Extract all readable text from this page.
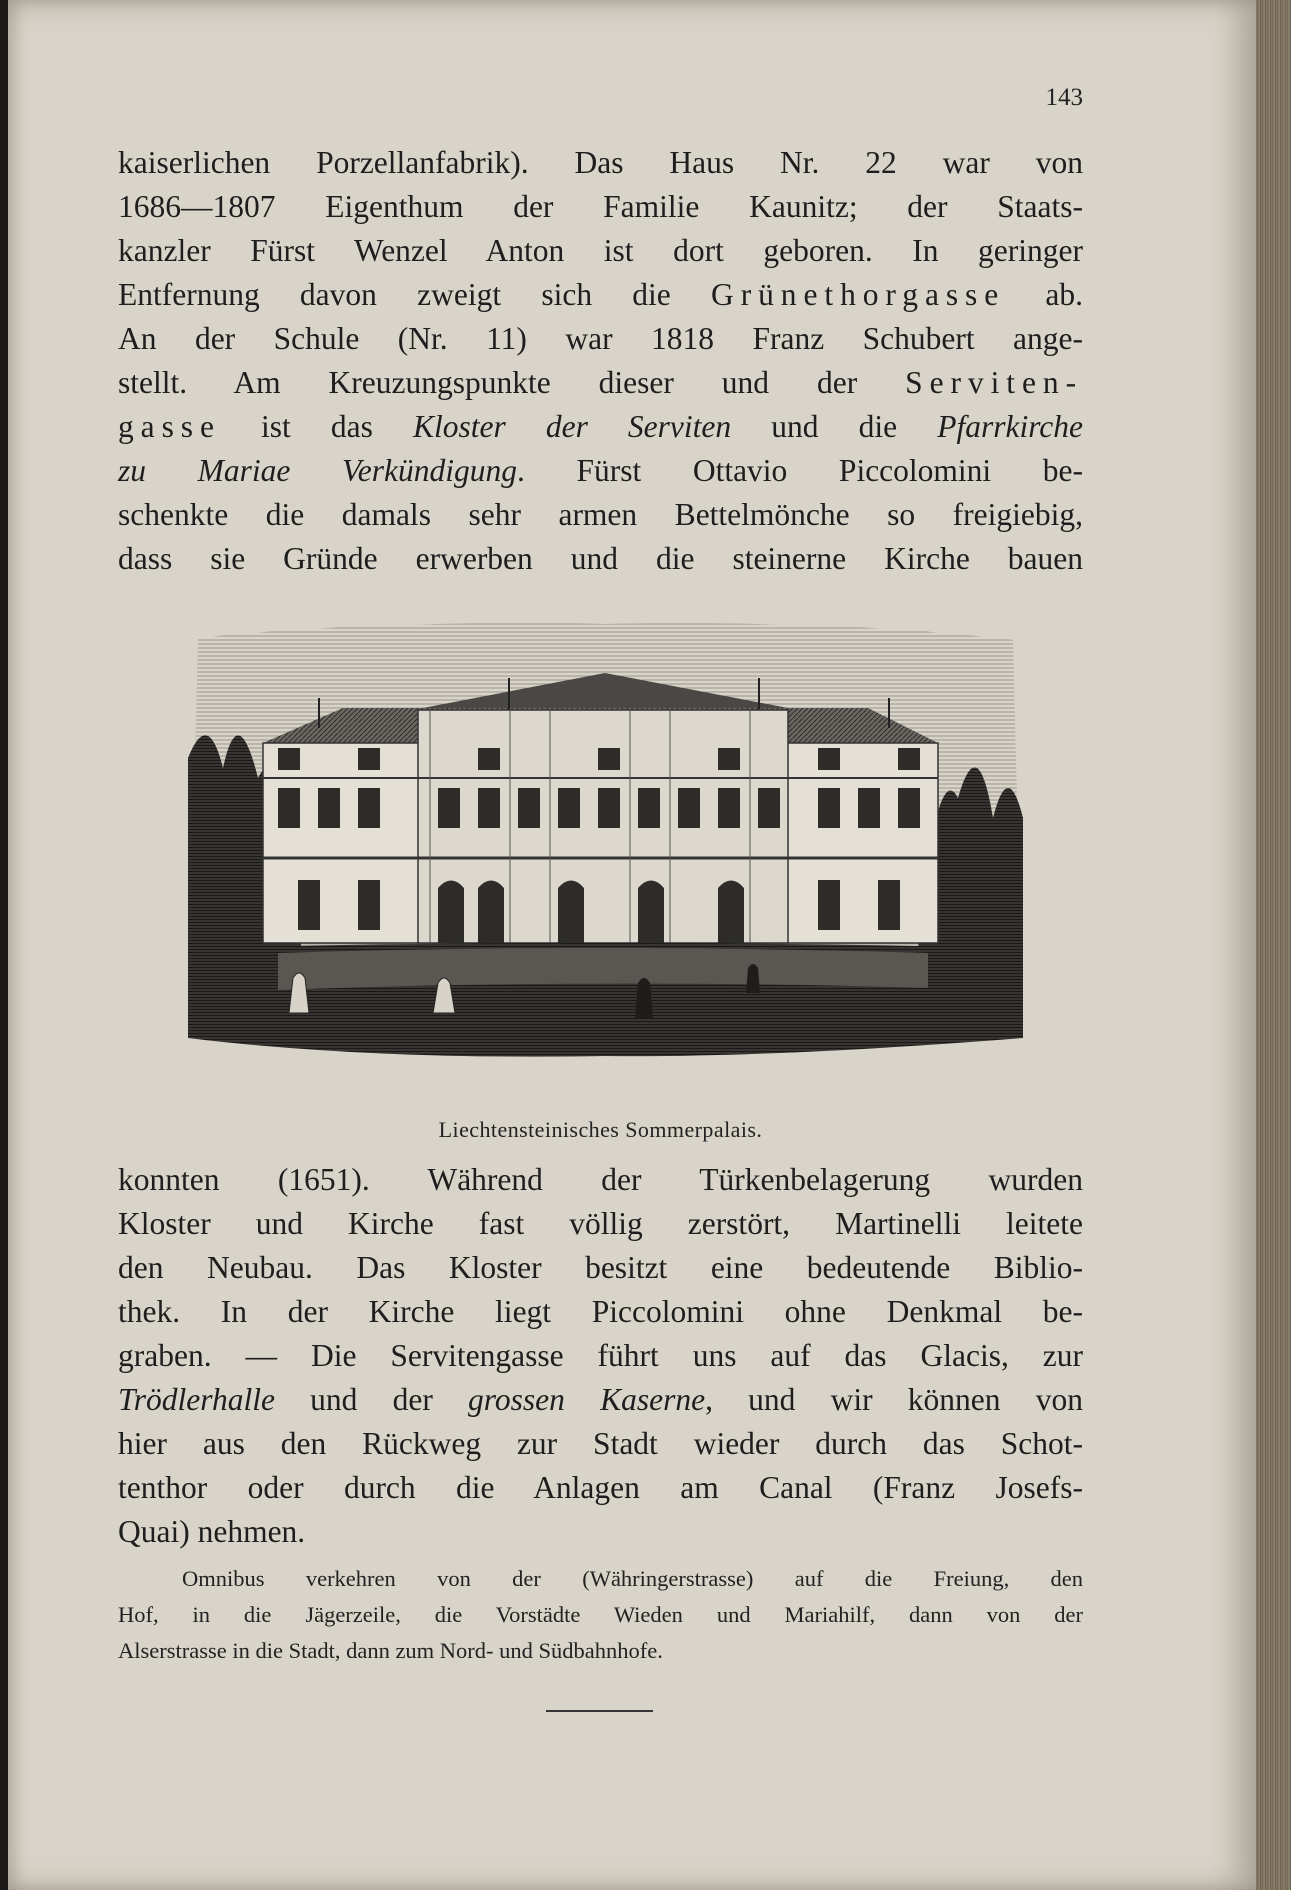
143

kaiserlichen Porzellanfabrik). Das Haus Nr. 22 war von
1686—1807 Eigenthum der Familie Kaunitz; der Staats-
kanzler Fürst Wenzel Anton ist dort geboren. In geringer
Entfernung davon zweigt sich die Grünethorgasse ab.
An der Schule (Nr. 11) war 1818 Franz Schubert ange-
stellt. Am Kreuzungspunkte dieser und der Serviten-
gasse ist das Kloster der Serviten und die Pfarrkirche
zu Mariae Verkündigung. Fürst Ottavio Piccolomini be-
schenkte die damals sehr armen Bettelmönche so freigiebig,
dass sie Gründe erwerben und die steinerne Kirche bauen

Liechtensteinisches Sommerpalais.

konnten (1651). Während der Türkenbelagerung wurden
Kloster und Kirche fast völlig zerstört, Martinelli leitete
den Neubau. Das Kloster besitzt eine bedeutende Biblio-
thek. In der Kirche liegt Piccolomini ohne Denkmal be-
graben. — Die Servitengasse führt uns auf das Glacis, zur
Trödlerhalle und der grossen Kaserne, und wir können von
hier aus den Rückweg zur Stadt wieder durch das Schot-
tenthor oder durch die Anlagen am Canal (Franz Josefs-
Quai) nehmen.

Omnibus verkehren von der (Währingerstrasse) auf die Freiung, den
Hof, in die Jägerzeile, die Vorstädte Wieden und Mariahilf, dann von der
Alserstrasse in die Stadt, dann zum Nord- und Südbahnhofe.
